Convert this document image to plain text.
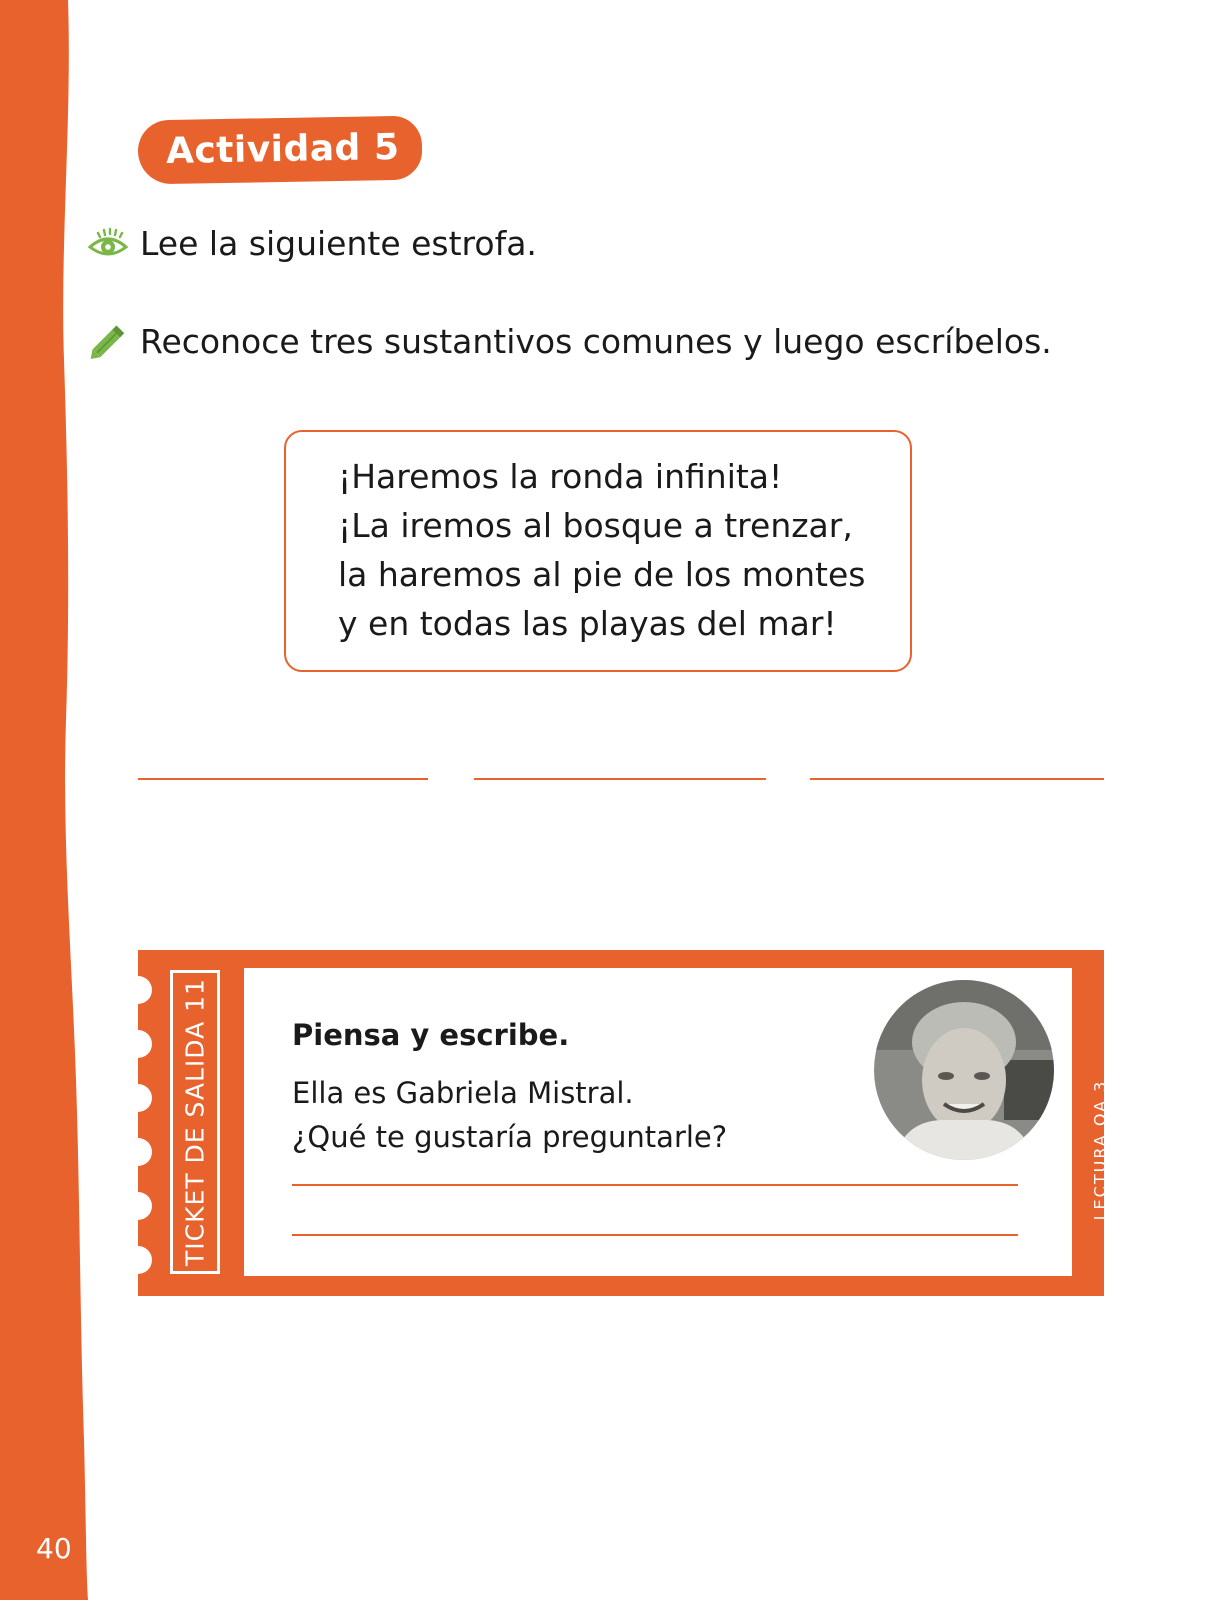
40
Actividad 5
Lee la siguiente estrofa.
Reconoce tres sustantivos comunes y luego escríbelos.
¡Haremos la ronda infinita!
¡La iremos al bosque a trenzar,
la haremos al pie de los montes
y en todas las playas del mar!
TICKET DE SALIDA 11	Piensa y escribe.
Ella es Gabriela Mistral.
¿Qué te gustaría preguntarle?	LECTURA OA 3
